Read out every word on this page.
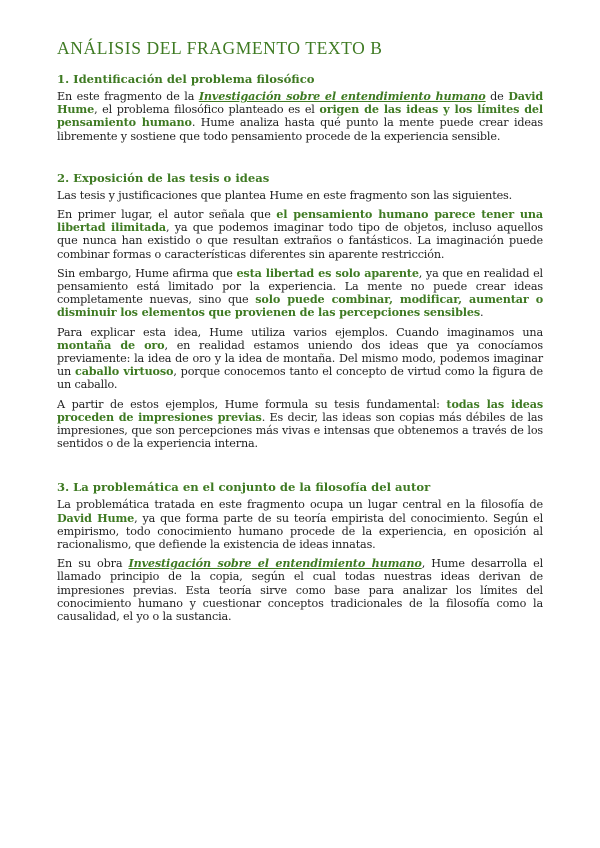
ANÁLISIS DEL FRAGMENTO TEXTO B
1. Identificación del problema filosófico

En este fragmento de la Investigación sobre el entendimiento humano de David Hume, el problema filosófico planteado es el origen de las ideas y los límites del pensamiento humano. Hume analiza hasta qué punto la mente puede crear ideas libremente y sostiene que todo pensamiento procede de la experiencia sensible.

2. Exposición de las tesis o ideas

Las tesis y justificaciones que plantea Hume en este fragmento son las siguientes.

En primer lugar, el autor señala que el pensamiento humano parece tener una libertad ilimitada, ya que podemos imaginar todo tipo de objetos, incluso aquellos que nunca han existido o que resultan extraños o fantásticos. La imaginación puede combinar formas o características diferentes sin aparente restricción.

Sin embargo, Hume afirma que esta libertad es solo aparente, ya que en realidad el pensamiento está limitado por la experiencia. La mente no puede crear ideas completamente nuevas, sino que solo puede combinar, modificar, aumentar o disminuir los elementos que provienen de las percepciones sensibles.

Para explicar esta idea, Hume utiliza varios ejemplos. Cuando imaginamos una montaña de oro, en realidad estamos uniendo dos ideas que ya conocíamos previamente: la idea de oro y la idea de montaña. Del mismo modo, podemos imaginar un caballo virtuoso, porque conocemos tanto el concepto de virtud como la figura de un caballo.

A partir de estos ejemplos, Hume formula su tesis fundamental: todas las ideas proceden de impresiones previas. Es decir, las ideas son copias más débiles de las impresiones, que son percepciones más vivas e intensas que obtenemos a través de los sentidos o de la experiencia interna.

3. La problemática en el conjunto de la filosofía del autor

La problemática tratada en este fragmento ocupa un lugar central en la filosofía de David Hume, ya que forma parte de su teoría empirista del conocimiento. Según el empirismo, todo conocimiento humano procede de la experiencia, en oposición al racionalismo, que defiende la existencia de ideas innatas.

En su obra Investigación sobre el entendimiento humano, Hume desarrolla el llamado principio de la copia, según el cual todas nuestras ideas derivan de impresiones previas. Esta teoría sirve como base para analizar los límites del conocimiento humano y cuestionar conceptos tradicionales de la filosofía como la causalidad, el yo o la sustancia.
